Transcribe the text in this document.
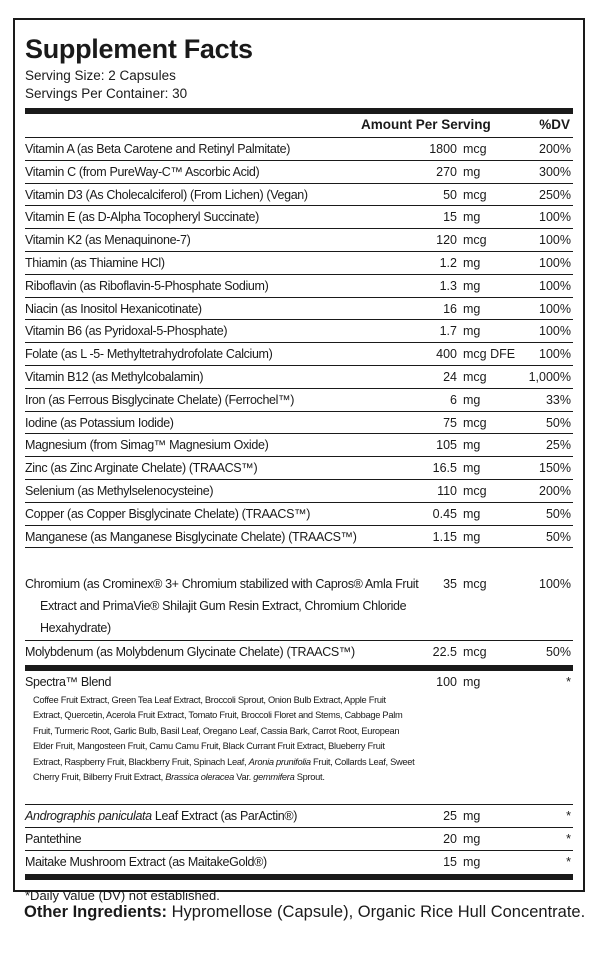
Supplement Facts
Serving Size: 2 Capsules
Servings Per Container: 30
Amount Per Serving	%DV
Vitamin A (as Beta Carotene and Retinyl Palmitate)	1800 mcg	200%
Vitamin C (from PureWay-C™ Ascorbic Acid)	270 mg	300%
Vitamin D3 (As Cholecalciferol) (From Lichen) (Vegan)	50 mcg	250%
Vitamin E (as D-Alpha Tocopheryl Succinate)	15 mg	100%
Vitamin K2 (as Menaquinone-7)	120 mcg	100%
Thiamin (as Thiamine HCl)	1.2 mg	100%
Riboflavin (as Riboflavin-5-Phosphate Sodium)	1.3 mg	100%
Niacin (as Inositol Hexanicotinate)	16 mg	100%
Vitamin B6 (as Pyridoxal-5-Phosphate)	1.7 mg	100%
Folate (as L -5- Methyltetrahydrofolate Calcium)	400 mcg DFE 100%
Vitamin B12 (as Methylcobalamin)	24 mcg	1,000%
Iron (as Ferrous Bisglycinate Chelate) (Ferrochel™)	6 mg	33%
Iodine (as Potassium Iodide)	75 mcg	50%
Magnesium (from Simag™ Magnesium Oxide)	105 mg	25%
Zinc (as Zinc Arginate Chelate) (TRAACS™)	16.5 mg	150%
Selenium (as Methylselenocysteine)	110 mcg	200%
Copper (as Copper Bisglycinate Chelate) (TRAACS™)	0.45 mg	50%
Manganese (as Manganese Bisglycinate Chelate) (TRAACS™)	1.15 mg	50%
Chromium (as Crominex® 3+ Chromium stabilized with Capros® Amla Fruit
Extract and PrimaVie® Shilajit Gum Resin Extract, Chromium Chloride
Hexahydrate)
35 mcg	100%
Molybdenum (as Molybdenum Glycinate Chelate) (TRAACS™)	22.5 mcg	50%
Spectra™ Blend	100 mg	*
Coffee Fruit Extract, Green Tea Leaf Extract, Broccoli Sprout, Onion Bulb Extract, Apple Fruit Extract, Quercetin, Acerola Fruit Extract, Tomato Fruit, Broccoli Floret and Stems, Cabbage Palm Fruit, Turmeric Root, Garlic Bulb, Basil Leaf, Oregano Leaf, Cassia Bark, Carrot Root, European Elder Fruit, Mangosteen Fruit, Camu Camu Fruit, Black Currant Fruit Extract, Blueberry Fruit Extract, Raspberry Fruit, Blackberry Fruit, Spinach Leaf, Aronia prunifolia Fruit, Collards Leaf, Sweet Cherry Fruit, Bilberry Fruit Extract, Brassica oleracea Var. gemmifera Sprout.
Andrographis paniculata Leaf Extract (as ParActin®)	25 mg	*
Pantethine	20 mg	*
Maitake Mushroom Extract (as MaitakeGold®)	15 mg	*
*Daily Value (DV) not established.
Other Ingredients: Hypromellose (Capsule), Organic Rice Hull Concentrate.
